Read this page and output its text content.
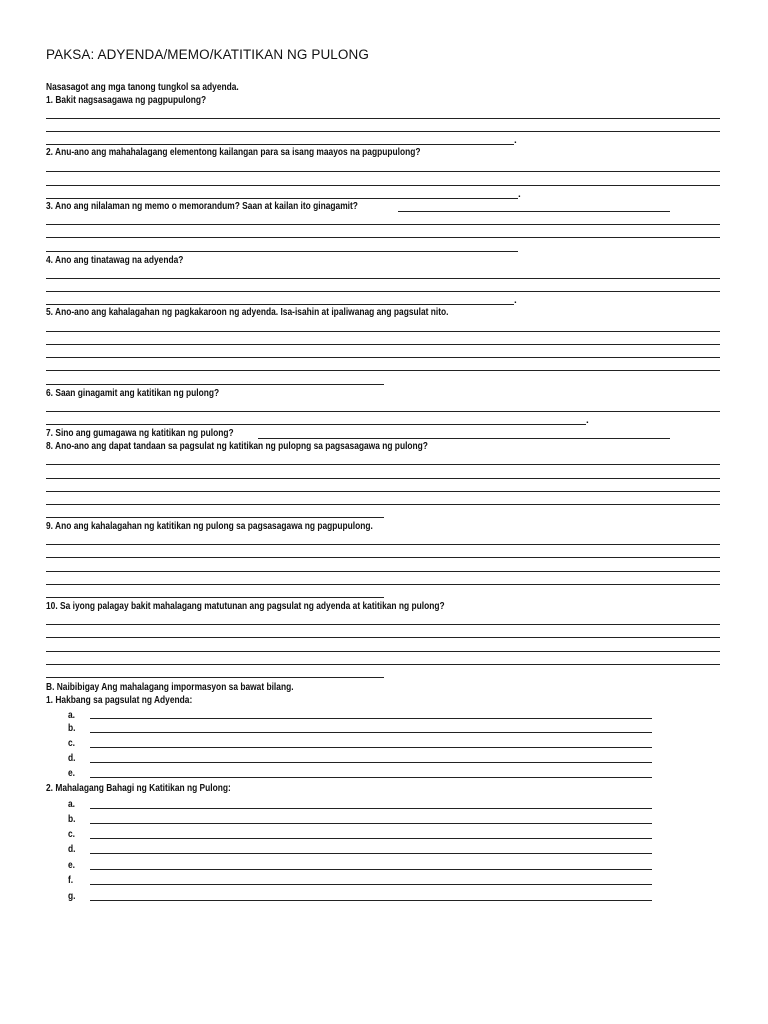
PAKSA: ADYENDA/MEMO/KATITIKAN NG PULONG
Nasasagot ang mga tanong tungkol sa adyenda.
1. Bakit nagsasagawa ng pagpupulong?
.
2. Anu-ano ang mahahalagang elementong kailangan para sa isang maayos na pagpupulong?
.
3. Ano ang nilalaman ng memo o memorandum? Saan at kailan ito ginagamit?
4. Ano ang tinatawag na adyenda?
.
5. Ano-ano ang kahalagahan ng pagkakaroon ng adyenda. Isa-isahin at ipaliwanag ang pagsulat nito.
6. Saan ginagamit ang katitikan ng pulong?
.
7. Sino ang gumagawa ng katitikan ng pulong?
8. Ano-ano ang dapat tandaan sa pagsulat ng katitikan ng pulopng sa pagsasagawa ng pulong?
9. Ano ang kahalagahan ng katitikan ng pulong sa pagsasagawa ng pagpupulong.
10. Sa iyong palagay bakit mahalagang matutunan ang pagsulat ng adyenda at katitikan ng pulong?
B. Naibibigay Ang mahalagang impormasyon sa bawat bilang.
1. Hakbang sa pagsulat ng Adyenda:
a.
b.
c.
d.
e.
2. Mahalagang Bahagi ng Katitikan ng Pulong:
a.
b.
c.
d.
e.
f.
g.
